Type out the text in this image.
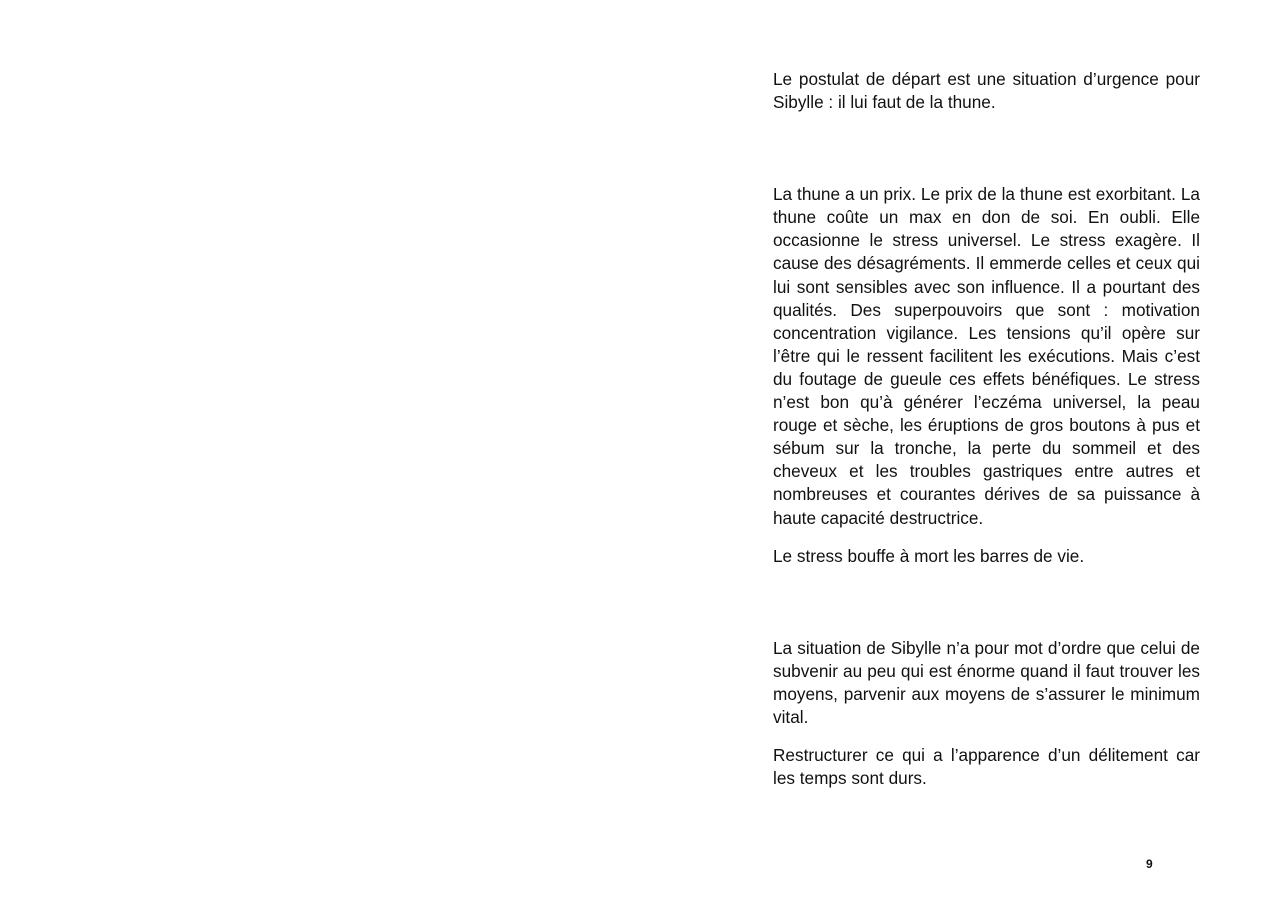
Le postulat de départ est une situation d’urgence pour Sibylle : il lui faut de la thune.

La thune a un prix. Le prix de la thune est exorbitant. La thune coûte un max en don de soi. En oubli. Elle occasionne le stress universel. Le stress exagère. Il cause des désagréments. Il emmerde celles et ceux qui lui sont sensibles avec son influence. Il a pourtant des qualités. Des superpouvoirs que sont : motivation concentration vigilance. Les tensions qu’il opère sur l’être qui le ressent facilitent les exécutions. Mais c’est du foutage de gueule ces effets bénéfiques. Le stress n’est bon qu’à générer l’eczéma universel, la peau rouge et sèche, les éruptions de gros boutons à pus et sébum sur la tronche, la perte du sommeil et des cheveux et les troubles gastriques entre autres et nombreuses et courantes dérives de sa puissance à haute capacité destructrice.

Le stress bouffe à mort les barres de vie.

La situation de Sibylle n’a pour mot d’ordre que celui de subvenir au peu qui est énorme quand il faut trouver les moyens, parvenir aux moyens de s’assurer le minimum vital.

Restructurer ce qui a l’apparence d’un délitement car les temps sont durs.

9
